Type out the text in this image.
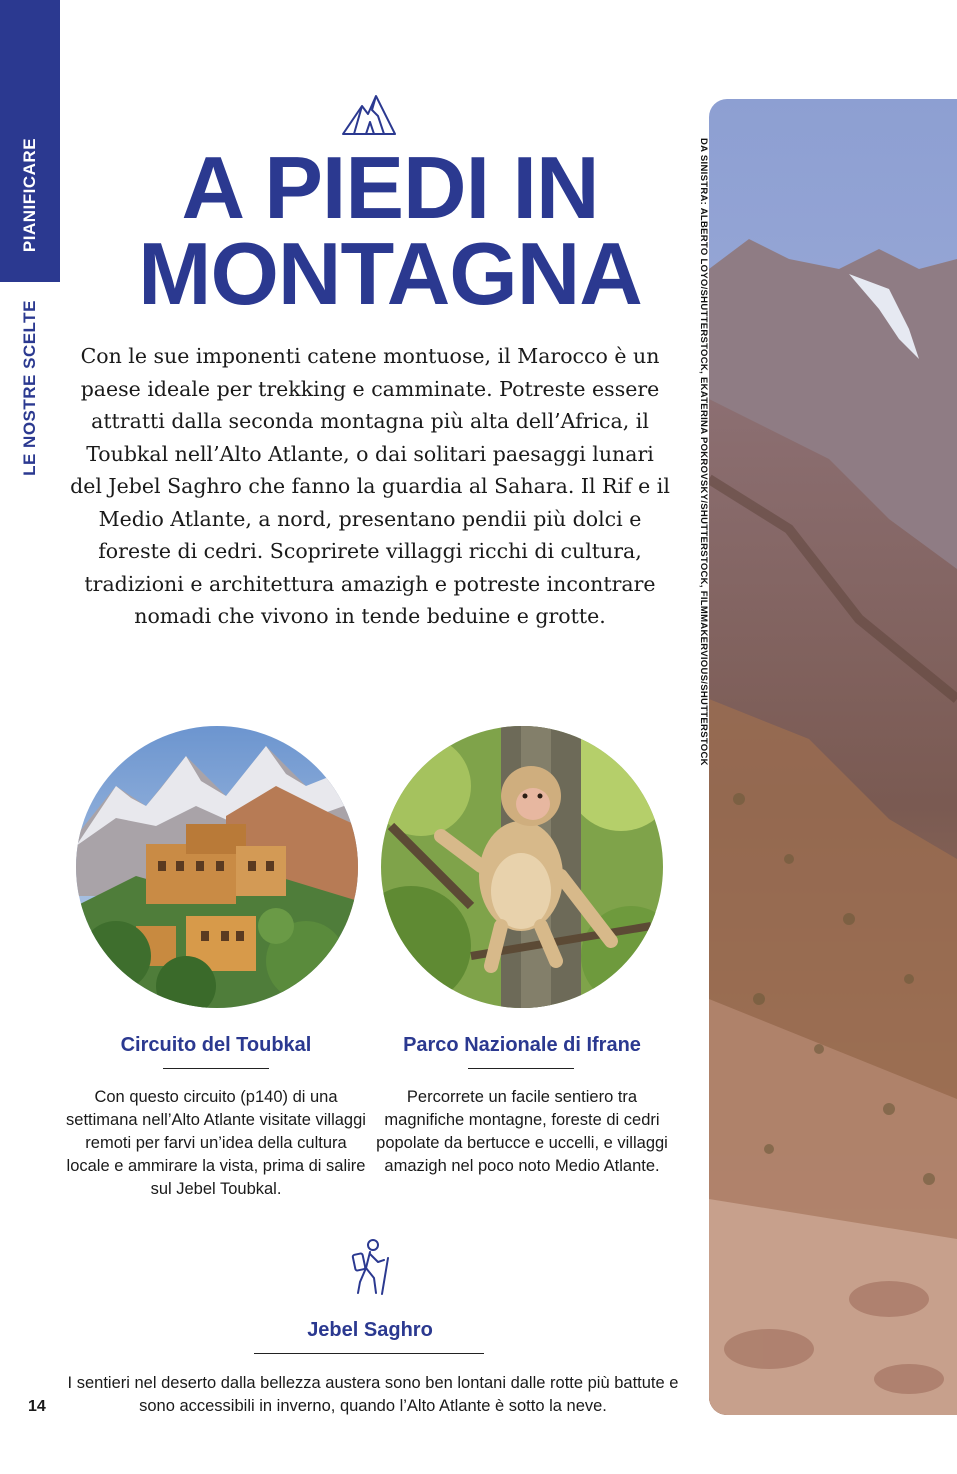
PIANIFICARE
LE NOSTRE SCELTE
A PIEDI IN
MONTAGNA

Con le sue imponenti catene montuose, il Marocco è un paese ideale per trekking e camminate. Potreste essere attratti dalla seconda montagna più alta dell’Africa, il Toubkal nell’Alto Atlante, o dai solitari paesaggi lunari del Jebel Saghro che fanno la guardia al Sahara. Il Rif e il Medio Atlante, a nord, presentano pendii più dolci e foreste di cedri. Scoprirete villaggi ricchi di cultura, tradizioni e architettura amazigh e potreste incontrare nomadi che vivono in tende beduine e grotte.

Circuito del Toubkal

Con questo circuito (p140) di una settimana nell’Alto Atlante visitate villaggi remoti per farvi un’idea della cultura locale e ammirare la vista, prima di salire sul Jebel Toubkal.

Parco Nazionale di Ifrane

Percorrete un facile sentiero tra magnifiche montagne, foreste di cedri popolate da bertucce e uccelli, e villaggi amazigh nel poco noto Medio Atlante.

Jebel Saghro

I sentieri nel deserto dalla bellezza austera sono ben lontani dalle rotte più battute e sono accessibili in inverno, quando l’Alto Atlante è sotto la neve.

14
DA SINISTRA: ALBERTO LOYO/SHUTTERSTOCK, EKATERINA POKROVSKY/SHUTTERSTOCK, FILMMAKERVIOUS/SHUTTERSTOCK
